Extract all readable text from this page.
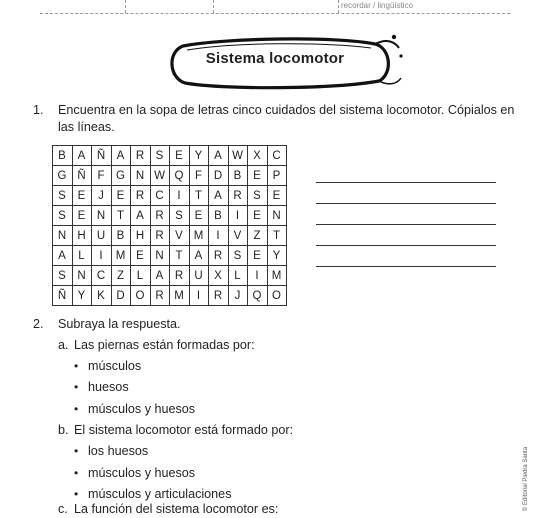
recordar / lingüístico
Sistema locomotor
1. Encuentra en la sopa de letras cinco cuidados del sistema locomotor. Cópialos en
las líneas.
B	A	Ñ	A	R	S	E	Y	A	W	X	C
G	Ñ	F	G	N	W	Q	F	D	B	E	P
S	E	J	E	R	C	I	T	A	R	S	E
S	E	N	T	A	R	S	E	B	I	E	N
N	H	U	B	H	R	V	M	I	V	Z	T
A	L	I	M	E	N	T	A	R	S	E	Y
S	N	C	Z	L	A	R	U	X	L	I	M
Ñ	Y	K	D	O	R	M	I	R	J	Q	O
2. Subraya la respuesta.
a. Las piernas están formadas por:
• músculos
• huesos
• músculos y huesos
b. El sistema locomotor está formado por:
• los huesos
• músculos y huesos
• músculos y articulaciones
c. La función del sistema locomotor es:	© Editorial Piedra Santa
